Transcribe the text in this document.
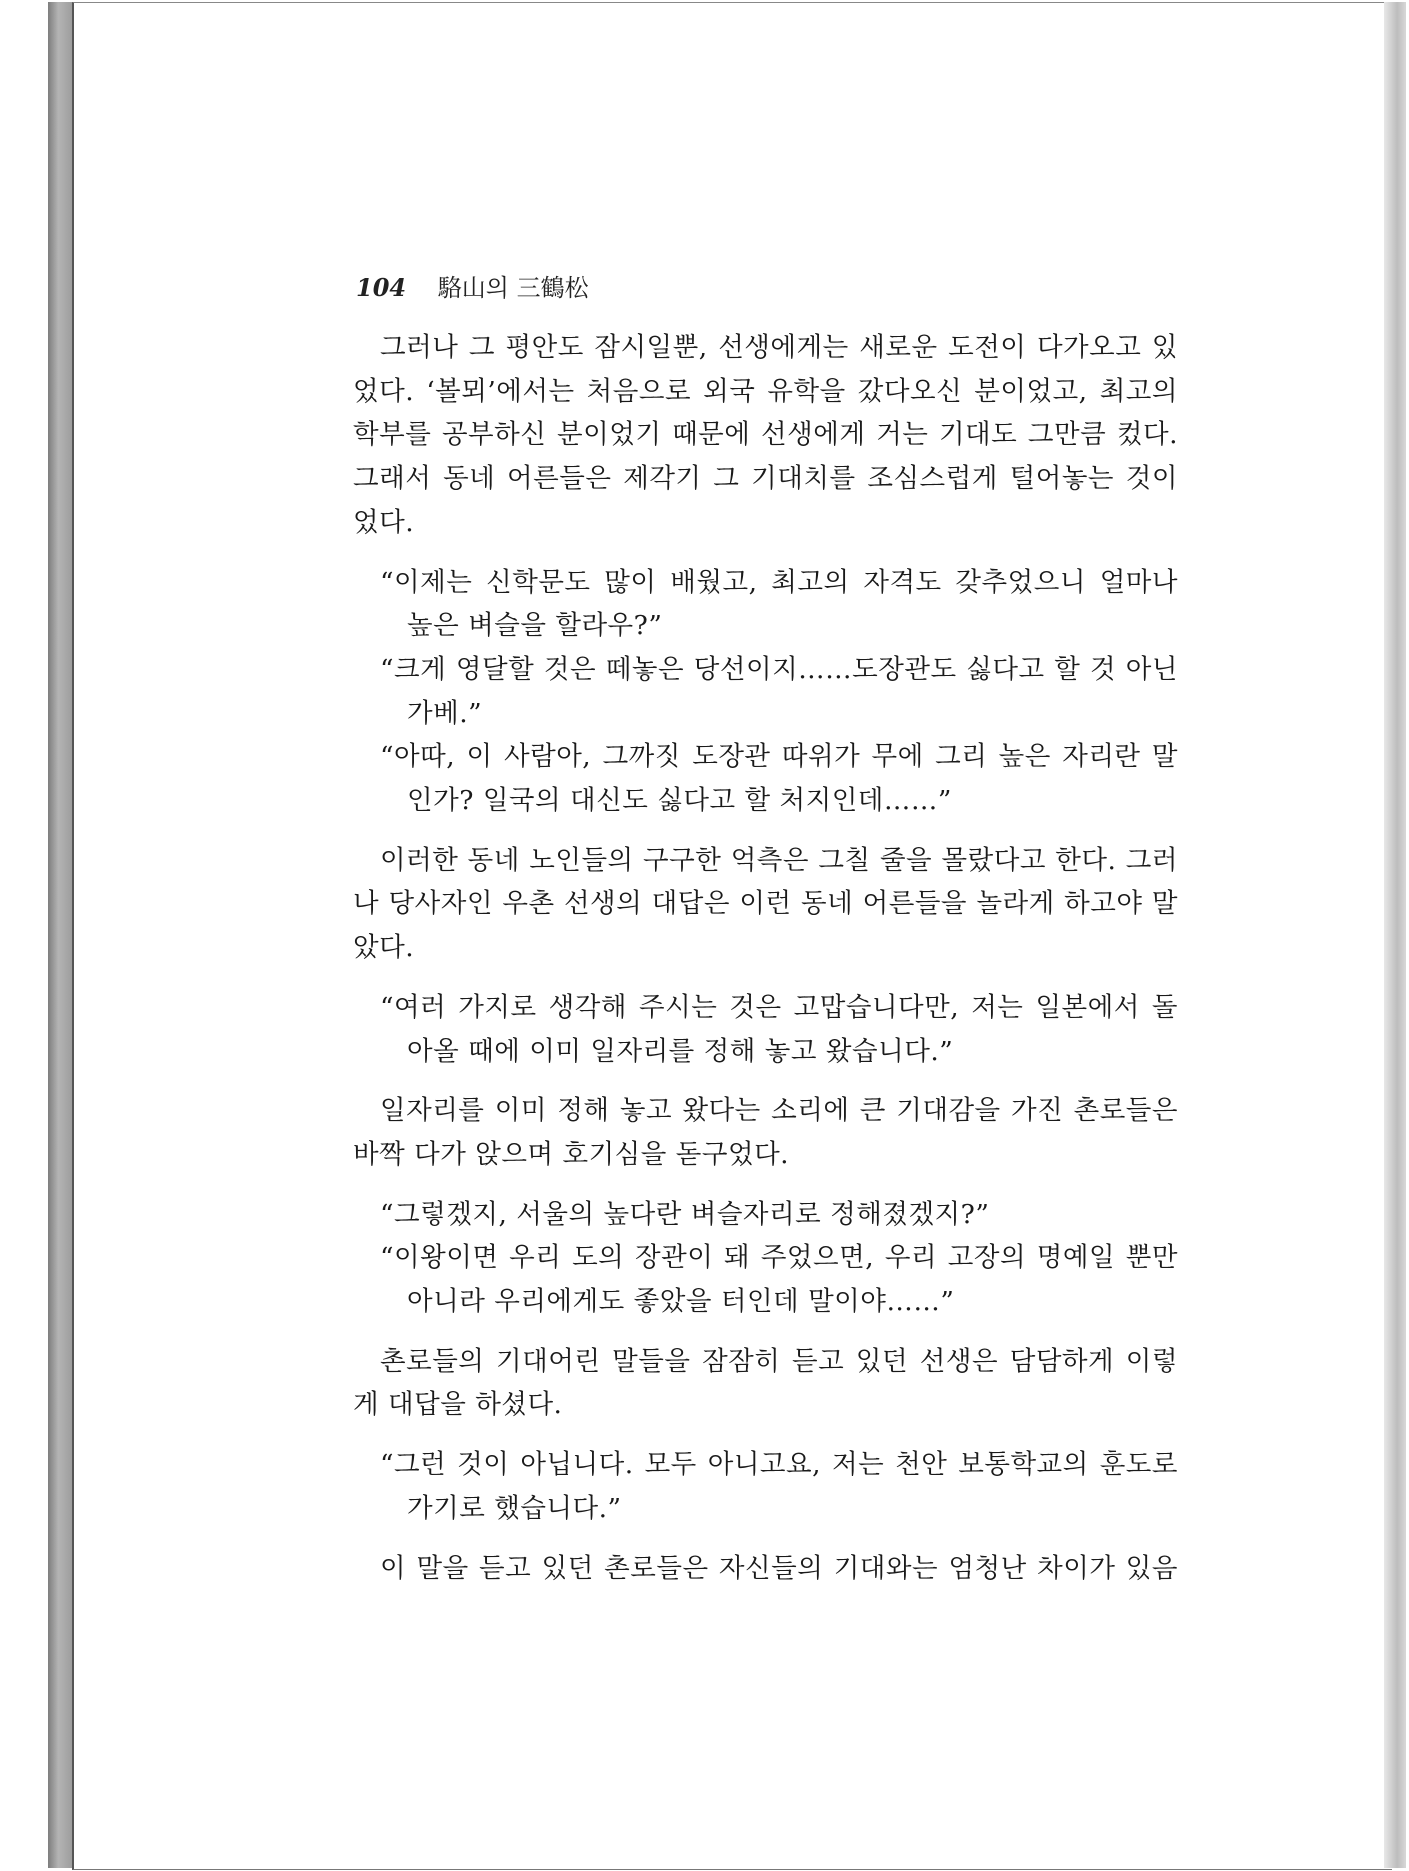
104 駱山의 三鶴松

그러나 그 평안도 잠시일뿐, 선생에게는 새로운 도전이 다가오고 있었다. ‘볼뫼’에서는 처음으로 외국 유학을 갔다오신 분이었고, 최고의 학부를 공부하신 분이었기 때문에 선생에게 거는 기대도 그만큼 컸다. 그래서 동네 어른들은 제각기 그 기대치를 조심스럽게 털어놓는 것이었다.

“이제는 신학문도 많이 배웠고, 최고의 자격도 갖추었으니 얼마나 높은 벼슬을 할라우?”

“크게 영달할 것은 떼놓은 당선이지……도장관도 싫다고 할 것 아닌가베.”

“아따, 이 사람아, 그까짓 도장관 따위가 무에 그리 높은 자리란 말인가? 일국의 대신도 싫다고 할 처지인데……”

이러한 동네 노인들의 구구한 억측은 그칠 줄을 몰랐다고 한다. 그러나 당사자인 우촌 선생의 대답은 이런 동네 어른들을 놀라게 하고야 말았다.

“여러 가지로 생각해 주시는 것은 고맙습니다만, 저는 일본에서 돌아올 때에 이미 일자리를 정해 놓고 왔습니다.”

일자리를 이미 정해 놓고 왔다는 소리에 큰 기대감을 가진 촌로들은 바짝 다가 앉으며 호기심을 돋구었다.

“그렇겠지, 서울의 높다란 벼슬자리로 정해졌겠지?”

“이왕이면 우리 도의 장관이 돼 주었으면, 우리 고장의 명예일 뿐만 아니라 우리에게도 좋았을 터인데 말이야……”

촌로들의 기대어린 말들을 잠잠히 듣고 있던 선생은 담담하게 이렇게 대답을 하셨다.

“그런 것이 아닙니다. 모두 아니고요, 저는 천안 보통학교의 훈도로 가기로 했습니다.”

이 말을 듣고 있던 촌로들은 자신들의 기대와는 엄청난 차이가 있음
